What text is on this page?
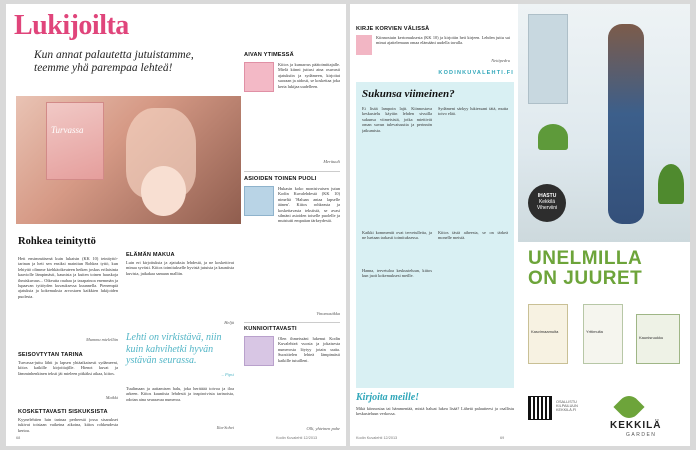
Lukijoilta
Kun annat palautetta jutuistamme, teemme yhä parempaa lehteä!
Turvassa
Rohkea teinityttö
Heti ensimmäisenä kuin lukaisin (KK 10) teinityttö-tarinan ja heti sen ensiksi mainitun Rohkea tyttö, kun lehtyttö olimme kiehkäoikeuteen hetken joskus erilaisinta kaaviolle lämpimästi, kaunista ja kuiten toinen hauskoja ihmiskuvaus... Oikeutta rauhaa ja tasapainoa enemmän ja lupaavan tyttöyden kuvauksessa kuunnella. Pienempiä ajatuksia ja kokemuksia arvostaen kaikkien lukijoiden puolesta.
Mummu mielellän
SEISOVTYTAN TARINA
Turvassa-juttu lähti ja lapsen yhtäaikaisesti sydämeeni, kiitos kaikille kirjoittajille. Hienot kuvat ja lämminhenkinen teksti jäi mieleen pitkäksi aikaa, kiitos.
Maikki
KOSKETTAVASTI SISKUKSISTA
Kyynelehtien luin tarinaa perheestä jossa sisarukset tukivat toisiaan vaikeina aikoina, kiitos rohkeudesta kertoa.
ELÄMÄN MAKUA
Luin eri kirjoituksia ja ajatuksia lehdestä, ja ne koskettivat minua syvästi. Kiitos toimitukselle hyvistä jutuista ja kauniista kuvista, jatkakaa samaan malliin.
Heljä
Lehti on virkistävä, niin kuin kahvihetki hyvän ystävän seurassa.
– Pipsi
Tuulimaan ja aattamisen halu, joka herättää toivoa ja iloa arkeen. Kiitos kauniista lehdestä ja inspiroivista tarinoista, odotan aina seuraavaa numeroa.
Ilta-Sohvi
AIVAN YTIMESSÄ
Kiitos ja kumarrus päätoimittajalle. Mielä kiinni juttusi aina osuvasti ajatuksiin ja sydämeen, kirjoitat suoraan ja aidosti, se koskettaa joka kerta lukijaa uudelleen.
Merituuli
ASIOIDEN TOINEN PUOLI
Hukasin koko monisivuisen jutun Kodin Kuvalehdestä (KK 10) nimeltä 'Haluan antaa lapselle äänen'. Kiitos rohkeasta ja koskettavasta tekstistä, se avasi silmäni asioiden toiselle puolelle ja muistutti empatian tärkeydestä.
Vinomustikka
KUNNIOITTAVASTI
Olen ihmeissäni lukenut Kodin Kuvalehteä vuosia ja jokaisesta numerosta löytyy jotain uutta. Suosittelen lehteä lämpimästi kaikille tutuilleni.
Olli, yhteinen puhe
68	Kodin Kuvalehti 12/2013
KIRJE KORVIEN VÄLISSÄ
Kiinnostuin kertomuksesta (KK 10) ja kirjoitin heti kirjeen. Lehden juttu sai minut ajattelemaan omaa elämääni uudella tavalla.
Nettipedru
KODINKUVALEHTI.FI
Sukunsa viimeinen?
Ei lisää lampoin lajit. Kiinnostava keskustelu käytiin lehden sivuilla sukunsa viimeisistä, jotka miettivät oman suvun tulevaisuutta ja perinnön jatkumista.
Kaikki kommentit ovat tervetulleita, ja ne luetaan tarkasti toimituksessa.
Hanna, tervetuloa keskusteluun, kiitos kun jaoit kokemuksesi meille.
Sydämeni särkyy lukiessani tätä, mutta toivo elää.
Kiitos tästä aiheesta, se on tärkeä monelle meistä.
Kirjoita meille!
Mikä kiinnostaa tai hämmentää, mistä haluat lukea lisää? Lähetä palautteesi ja osallistu keskusteluun verkossa.
Kodin Kuvalehti 12/2013
IHASTU
Kekkilä
Viherviini
UNELMILLA
ON JUURET
Kasvimaamulta	Yrttimulta
Kaunisruukku
OSALLISTU KILPAILUUN KEKKILÄ.FI
KEKKILÄ
GARDEN
69
